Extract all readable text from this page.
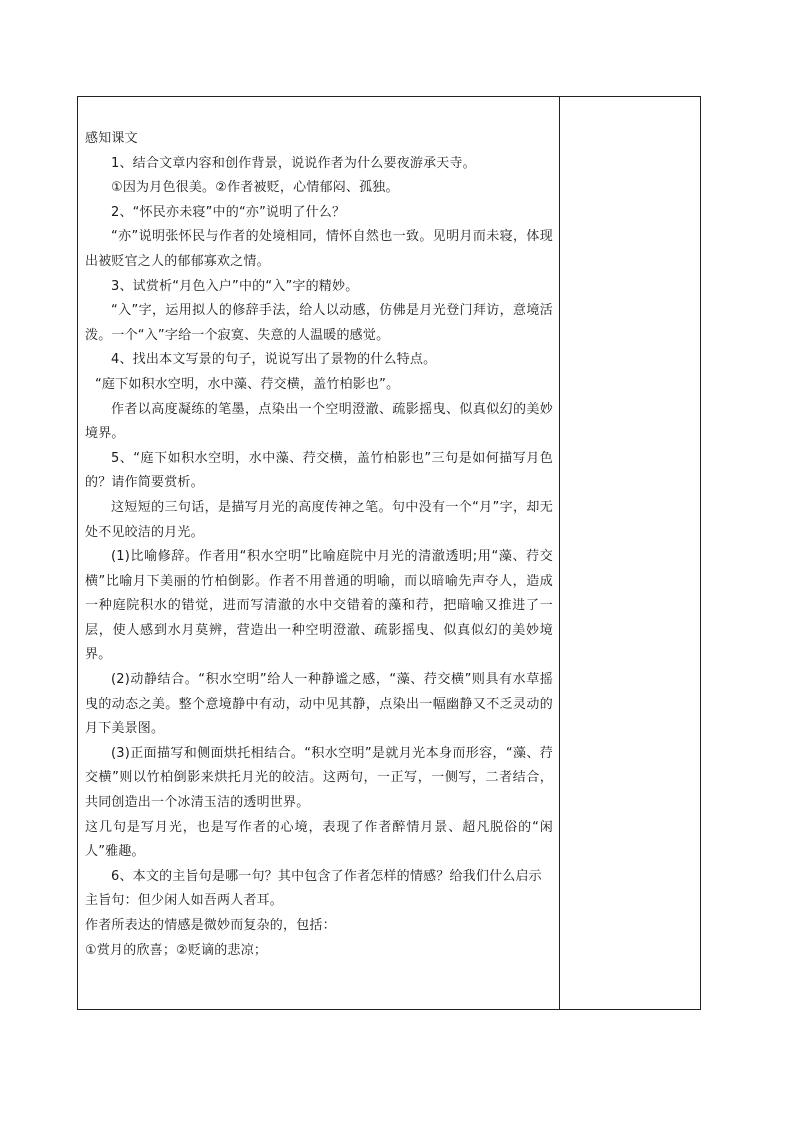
感知课文

1、结合文章内容和创作背景，说说作者为什么要夜游承天寺。

①因为月色很美。②作者被贬，心情郁闷、孤独。

2、“怀民亦未寝”中的“亦”说明了什么？

“亦”说明张怀民与作者的处境相同，情怀自然也一致。见明月而未寝，体现出被贬官之人的郁郁寡欢之情。

3、试赏析“月色入户”中的“入”字的精妙。

“入”字，运用拟人的修辞手法，给人以动感，仿佛是月光登门拜访，意境活泼。一个“入”字给一个寂寞、失意的人温暖的感觉。

4、找出本文写景的句子，说说写出了景物的什么特点。

“庭下如积水空明，水中藻、荇交横，盖竹柏影也”。

作者以高度凝练的笔墨，点染出一个空明澄澈、疏影摇曳、似真似幻的美妙境界。

5、“庭下如积水空明，水中藻、荇交横，盖竹柏影也”三句是如何描写月色的？请作简要赏析。

这短短的三句话，是描写月光的高度传神之笔。句中没有一个“月”字，却无处不见皎洁的月光。

(1)比喻修辞。作者用“积水空明”比喻庭院中月光的清澈透明;用“藻、荇交横”比喻月下美丽的竹柏倒影。作者不用普通的明喻，而以暗喻先声夺人，造成一种庭院积水的错觉，进而写清澈的水中交错着的藻和荇，把暗喻又推进了一层，使人感到水月莫辨，营造出一种空明澄澈、疏影摇曳、似真似幻的美妙境界。

(2)动静结合。“积水空明”给人一种静谧之感，“藻、荇交横”则具有水草摇曳的动态之美。整个意境静中有动，动中见其静，点染出一幅幽静又不乏灵动的月下美景图。

(3)正面描写和侧面烘托相结合。“积水空明”是就月光本身而形容，“藻、荇交横”则以竹柏倒影来烘托月光的皎洁。这两句，一正写，一侧写，二者结合，共同创造出一个冰清玉洁的透明世界。

这几句是写月光，也是写作者的心境，表现了作者醉情月景、超凡脱俗的“闲人”雅趣。

6、本文的主旨句是哪一句？其中包含了作者怎样的情感？给我们什么启示

主旨句：但少闲人如吾两人者耳。

作者所表达的情感是微妙而复杂的，包括：

①赏月的欣喜；②贬谪的悲凉；
